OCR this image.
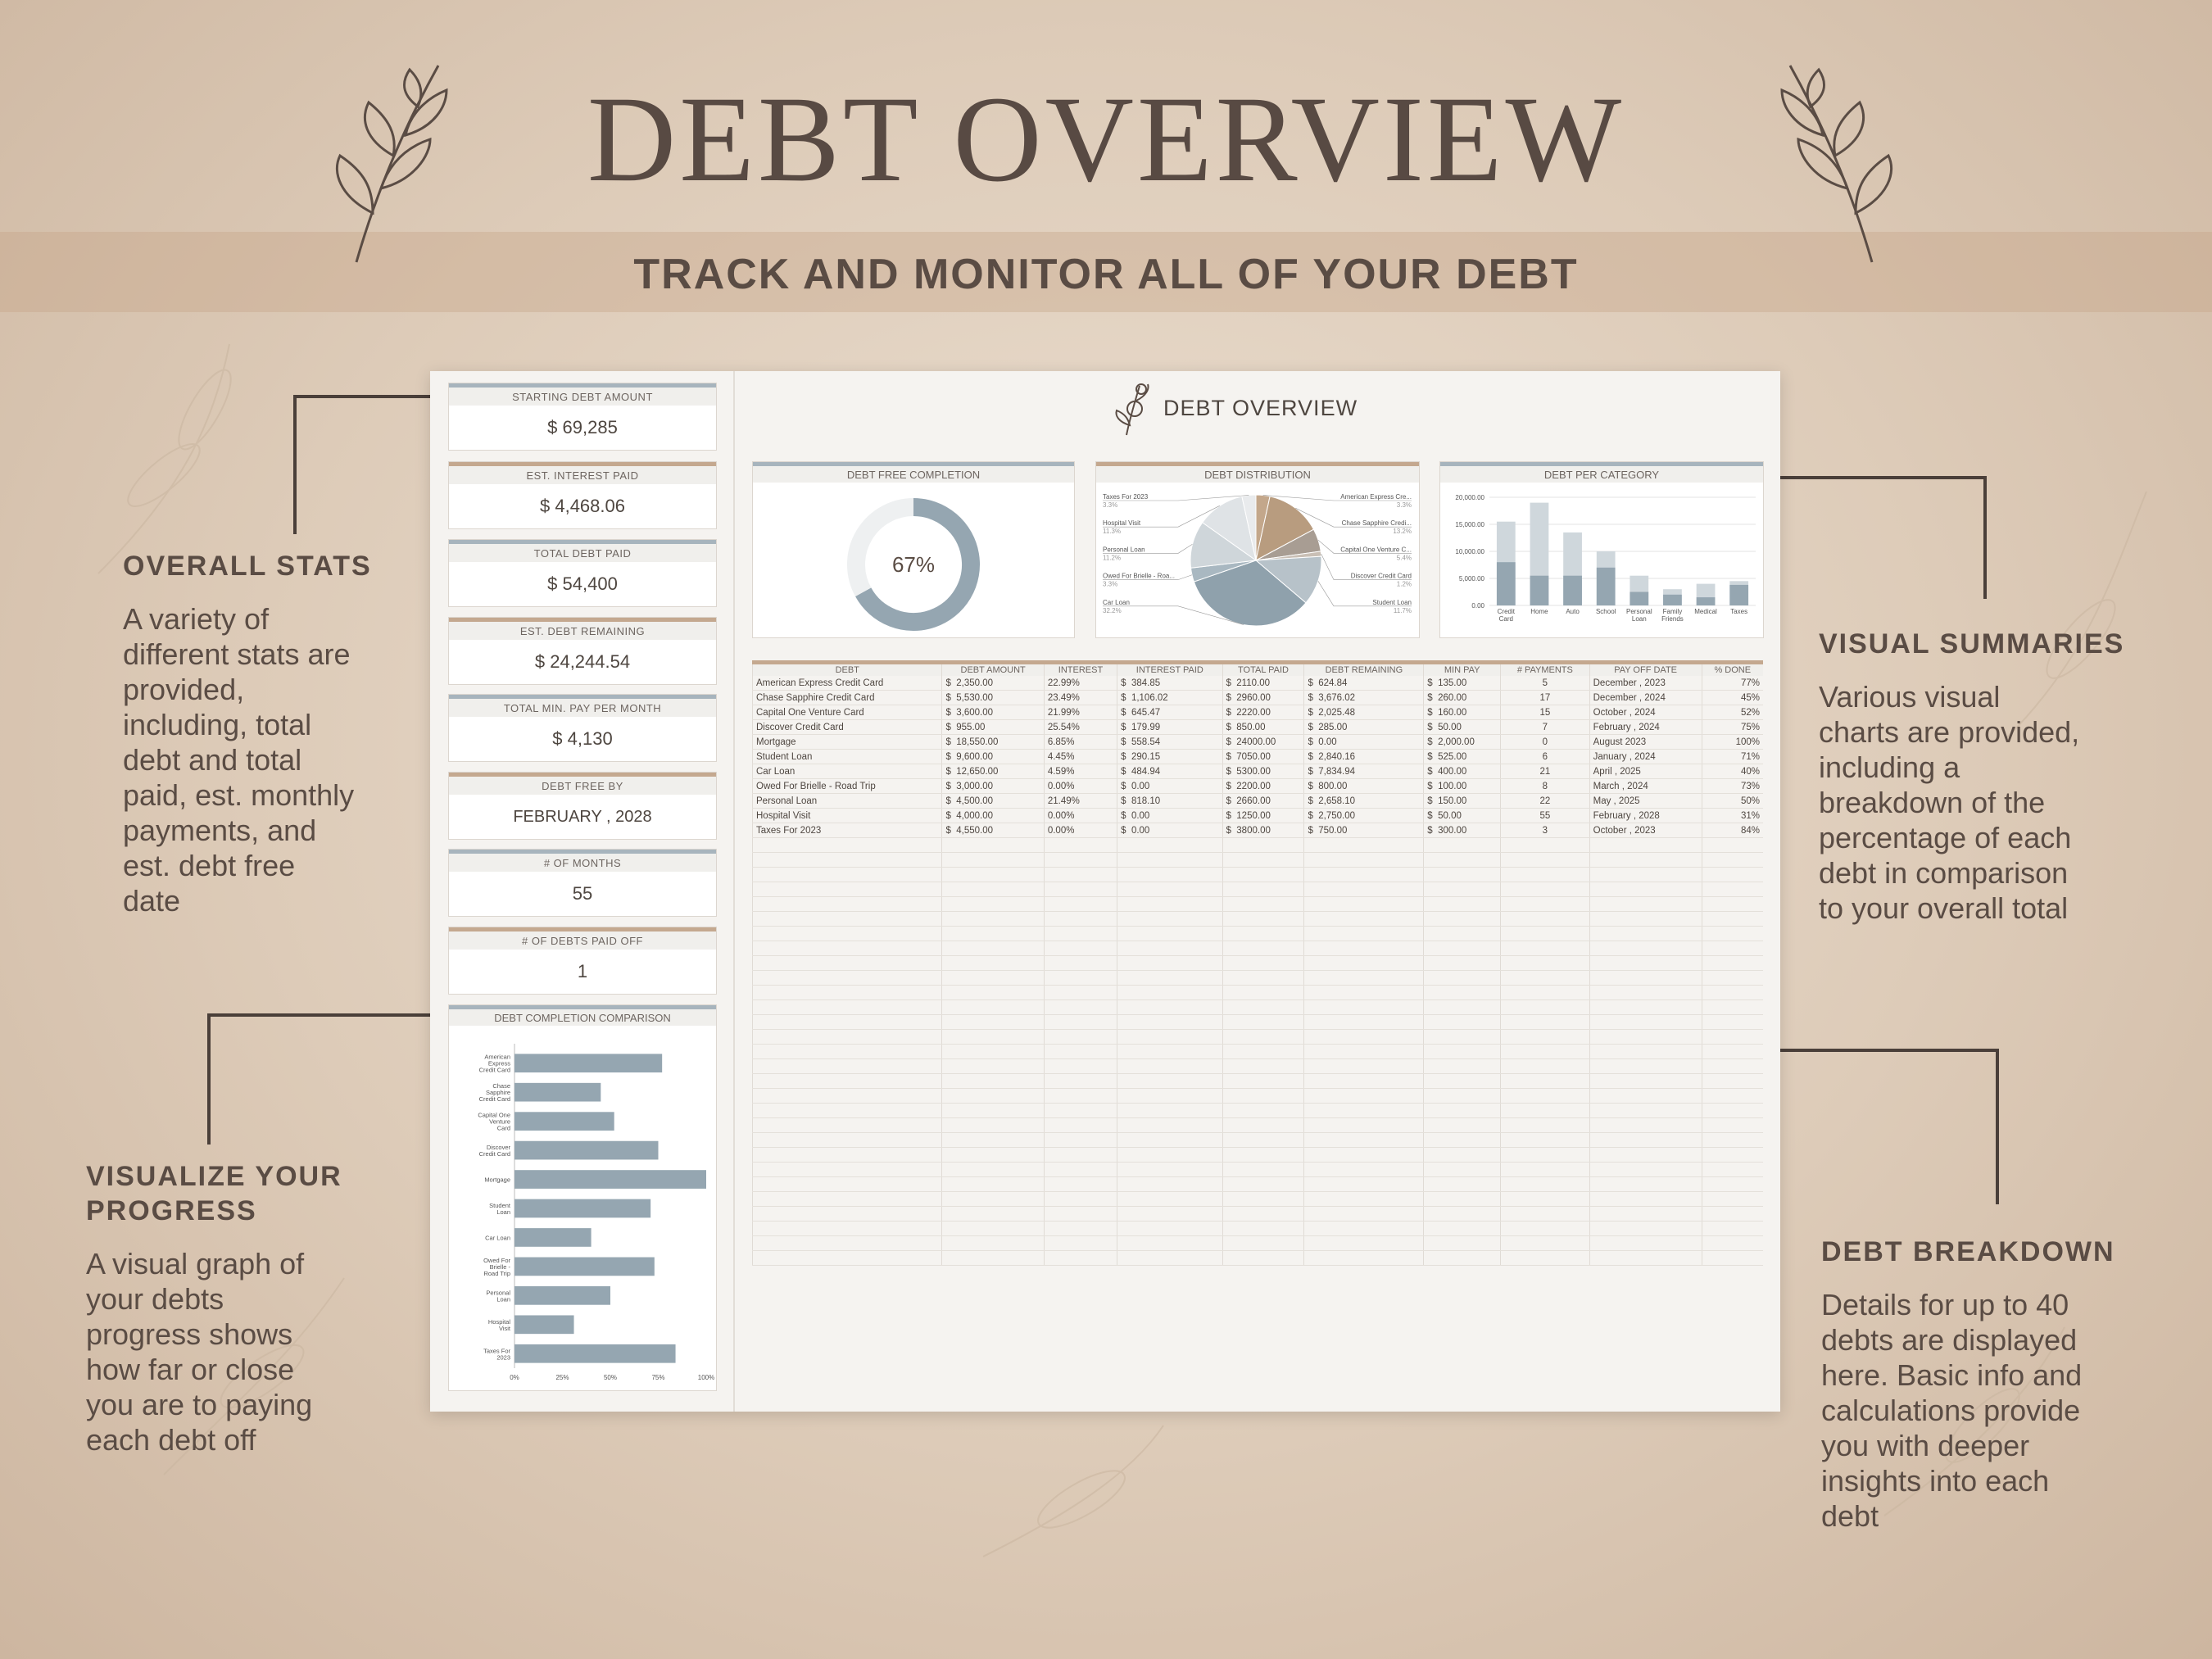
DEBT OVERVIEW
TRACK AND MONITOR ALL OF YOUR DEBT
OVERALL STATS
A variety of
different stats are
provided,
including, total
debt and total
paid, est. monthly
payments, and
est. debt free
date
VISUALIZE YOUR
PROGRESS
A visual graph of
your debts
progress shows
how far or close
you are to paying
each debt off
VISUAL SUMMARIES
Various visual
charts are provided,
including a
breakdown of the
percentage of each
debt in comparison
to your overall total
DEBT BREAKDOWN
Details for up to 40
debts are displayed
here. Basic info and
calculations provide
you with deeper
insights into each
debt
STARTING DEBT AMOUNT
$ 69,285
EST. INTEREST PAID
$ 4,468.06
TOTAL DEBT PAID
$ 54,400
EST. DEBT REMAINING
$ 24,244.54
TOTAL MIN. PAY PER MONTH
$ 4,130
DEBT FREE BY
FEBRUARY , 2028
# OF MONTHS
55
# OF DEBTS PAID OFF
1
DEBT COMPLETION COMPARISON
American
Express
Credit Card
Chase
Sapphire
Credit Card
Capital One
Venture
Card
Discover
Credit Card
Mortgage
Student
Loan
Car Loan
Owed For
Brielle -
Road Trip
Personal
Loan
Hospital
Visit
Taxes For
2023
0%	25%	50%	75%	100%
DEBT OVERVIEW
DEBT FREE COMPLETION
67%
DEBT DISTRIBUTION
American Express Cre...
3.3%
Chase Sapphire Credi...
13.2%
Capital One Venture C...
5.4%
Discover Credit Card
1.2%
Student Loan
11.7%
Taxes For 2023
3.3%
Hospital Visit
11.3%
Personal Loan
11.2%
Owed For Brielle - Roa...
3.3%
Car Loan
32.2%
DEBT PER CATEGORY
20,000.00
15,000.00
10,000.00
5,000.00
0.00
Credit
Card
Home	Auto	School Personal
Loan
Family
Friends
Medical Taxes
DEBT	DEBT AMOUNT	INTEREST	INTEREST PAID	TOTAL PAID	DEBT REMAINING	MIN PAY	# PAYMENTS	PAY OFF DATE	% DONE
American Express Credit Card	$  2,350.00	22.99%	$  384.85	$  2110.00	$  624.84	$  135.00	5	December , 2023	77%
Chase Sapphire Credit Card	$  5,530.00	23.49%	$  1,106.02	$  2960.00	$  3,676.02	$  260.00	17	December , 2024	45%
Capital One Venture Card	$  3,600.00	21.99%	$  645.47	$  2220.00	$  2,025.48	$  160.00	15	October , 2024	52%
Discover Credit Card	$  955.00	25.54%	$  179.99	$  850.00	$  285.00	$  50.00	7	February , 2024	75%
Mortgage	$  18,550.00	6.85%	$  558.54	$  24000.00	$  0.00	$  2,000.00	0	August 2023	100%
Student Loan	$  9,600.00	4.45%	$  290.15	$  7050.00	$  2,840.16	$  525.00	6	January , 2024	71%
Car Loan	$  12,650.00	4.59%	$  484.94	$  5300.00	$  7,834.94	$  400.00	21	April , 2025	40%
Owed For Brielle - Road Trip	$  3,000.00	0.00%	$  0.00	$  2200.00	$  800.00	$  100.00	8	March , 2024	73%
Personal Loan	$  4,500.00	21.49%	$  818.10	$  2660.00	$  2,658.10	$  150.00	22	May , 2025	50%
Hospital Visit	$  4,000.00	0.00%	$  0.00	$  1250.00	$  2,750.00	$  50.00	55	February , 2028	31%
Taxes For 2023	$  4,550.00	0.00%	$  0.00	$  3800.00	$  750.00	$  300.00	3	October , 2023	84%
